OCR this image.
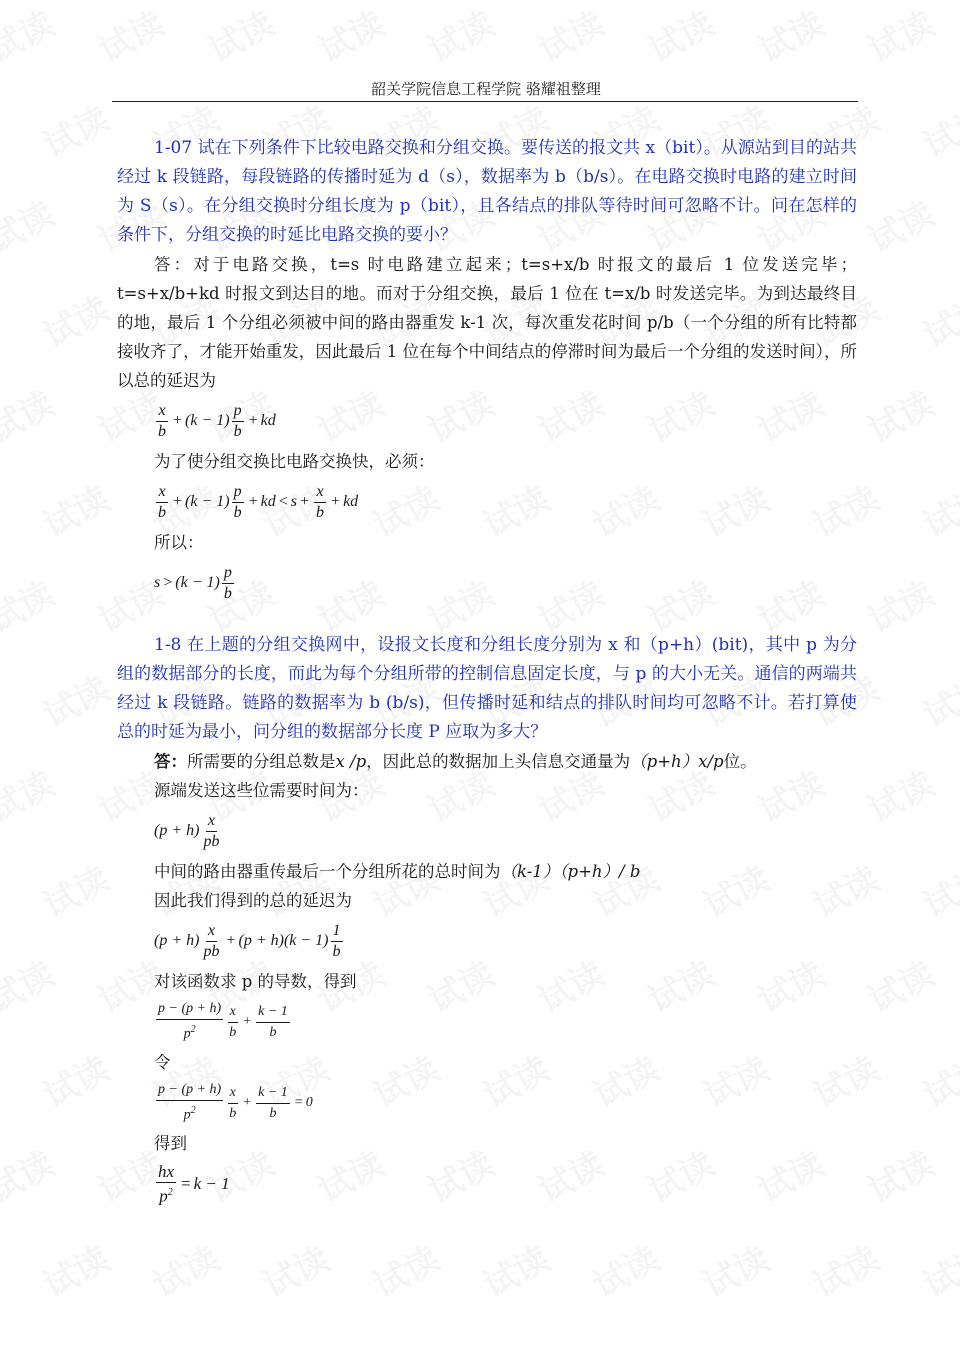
韶关学院信息工程学院 骆耀祖整理

1-07 试在下列条件下比较电路交换和分组交换。要传送的报文共 x（bit）。从源站到目的站共经过 k 段链路，每段链路的传播时延为 d（s），数据率为 b（b/s）。在电路交换时电路的建立时间为 S（s）。在分组交换时分组长度为 p（bit），且各结点的排队等待时间可忽略不计。问在怎样的条件下，分组交换的时延比电路交换的要小？

答：对于电路交换，t=s 时电路建立起来；t=s+x/b 时报文的最后 1 位发送完毕；t=s+x/b+kd 时报文到达目的地。而对于分组交换，最后 1 位在 t=x/b 时发送完毕。为到达最终目的地，最后 1 个分组必须被中间的路由器重发 k-1 次，每次重发花时间 p/b（一个分组的所有比特都接收齐了，才能开始重发，因此最后 1 位在每个中间结点的停滞时间为最后一个分组的发送时间），所以总的延迟为

$\frac{x}{b} + (k - 1) \frac{p}{b}$ + kd

为了使分组交换比电路交换快，必须：

$\frac{x}{b} + (k - 1) \frac{p}{b}$ + kd < $s + \frac{x}{b}$ + kd

所以：

$s > (k - 1) \frac{p}{b}$

1-8 在上题的分组交换网中，设报文长度和分组长度分别为 x 和（p+h）(bit)，其中 p 为分组的数据部分的长度，而此为每个分组所带的控制信息固定长度，与 p 的大小无关。通信的两端共经过 k 段链路。链路的数据率为 b (b/s)，但传播时延和结点的排队时间均可忽略不计。若打算使总的时延为最小，问分组的数据部分长度 P 应取为多大？

答：所需要的分组总数是x /p，因此总的数据加上头信息交通量为（p+h）x/p位。

源端发送这些位需要时间为：

$(p + h) \frac{x}{pb}$

中间的路由器重传最后一个分组所花的总时间为（k-1）（p+h）/ b

因此我们得到的总的延迟为

$(p + h) \frac{x}{pb} + (p + h)(k - 1) \frac{1}{b}$

对该函数求 p 的导数，得到

$\frac{p - (p + h)}{p^2} \frac{x}{b} + \frac{k - 1}{b}$

令

$\frac{p - (p + h)}{p^2} \frac{x}{b} + \frac{k - 1}{b} = 0$

得到

$\frac{hx}{p^2} = k - 1$
